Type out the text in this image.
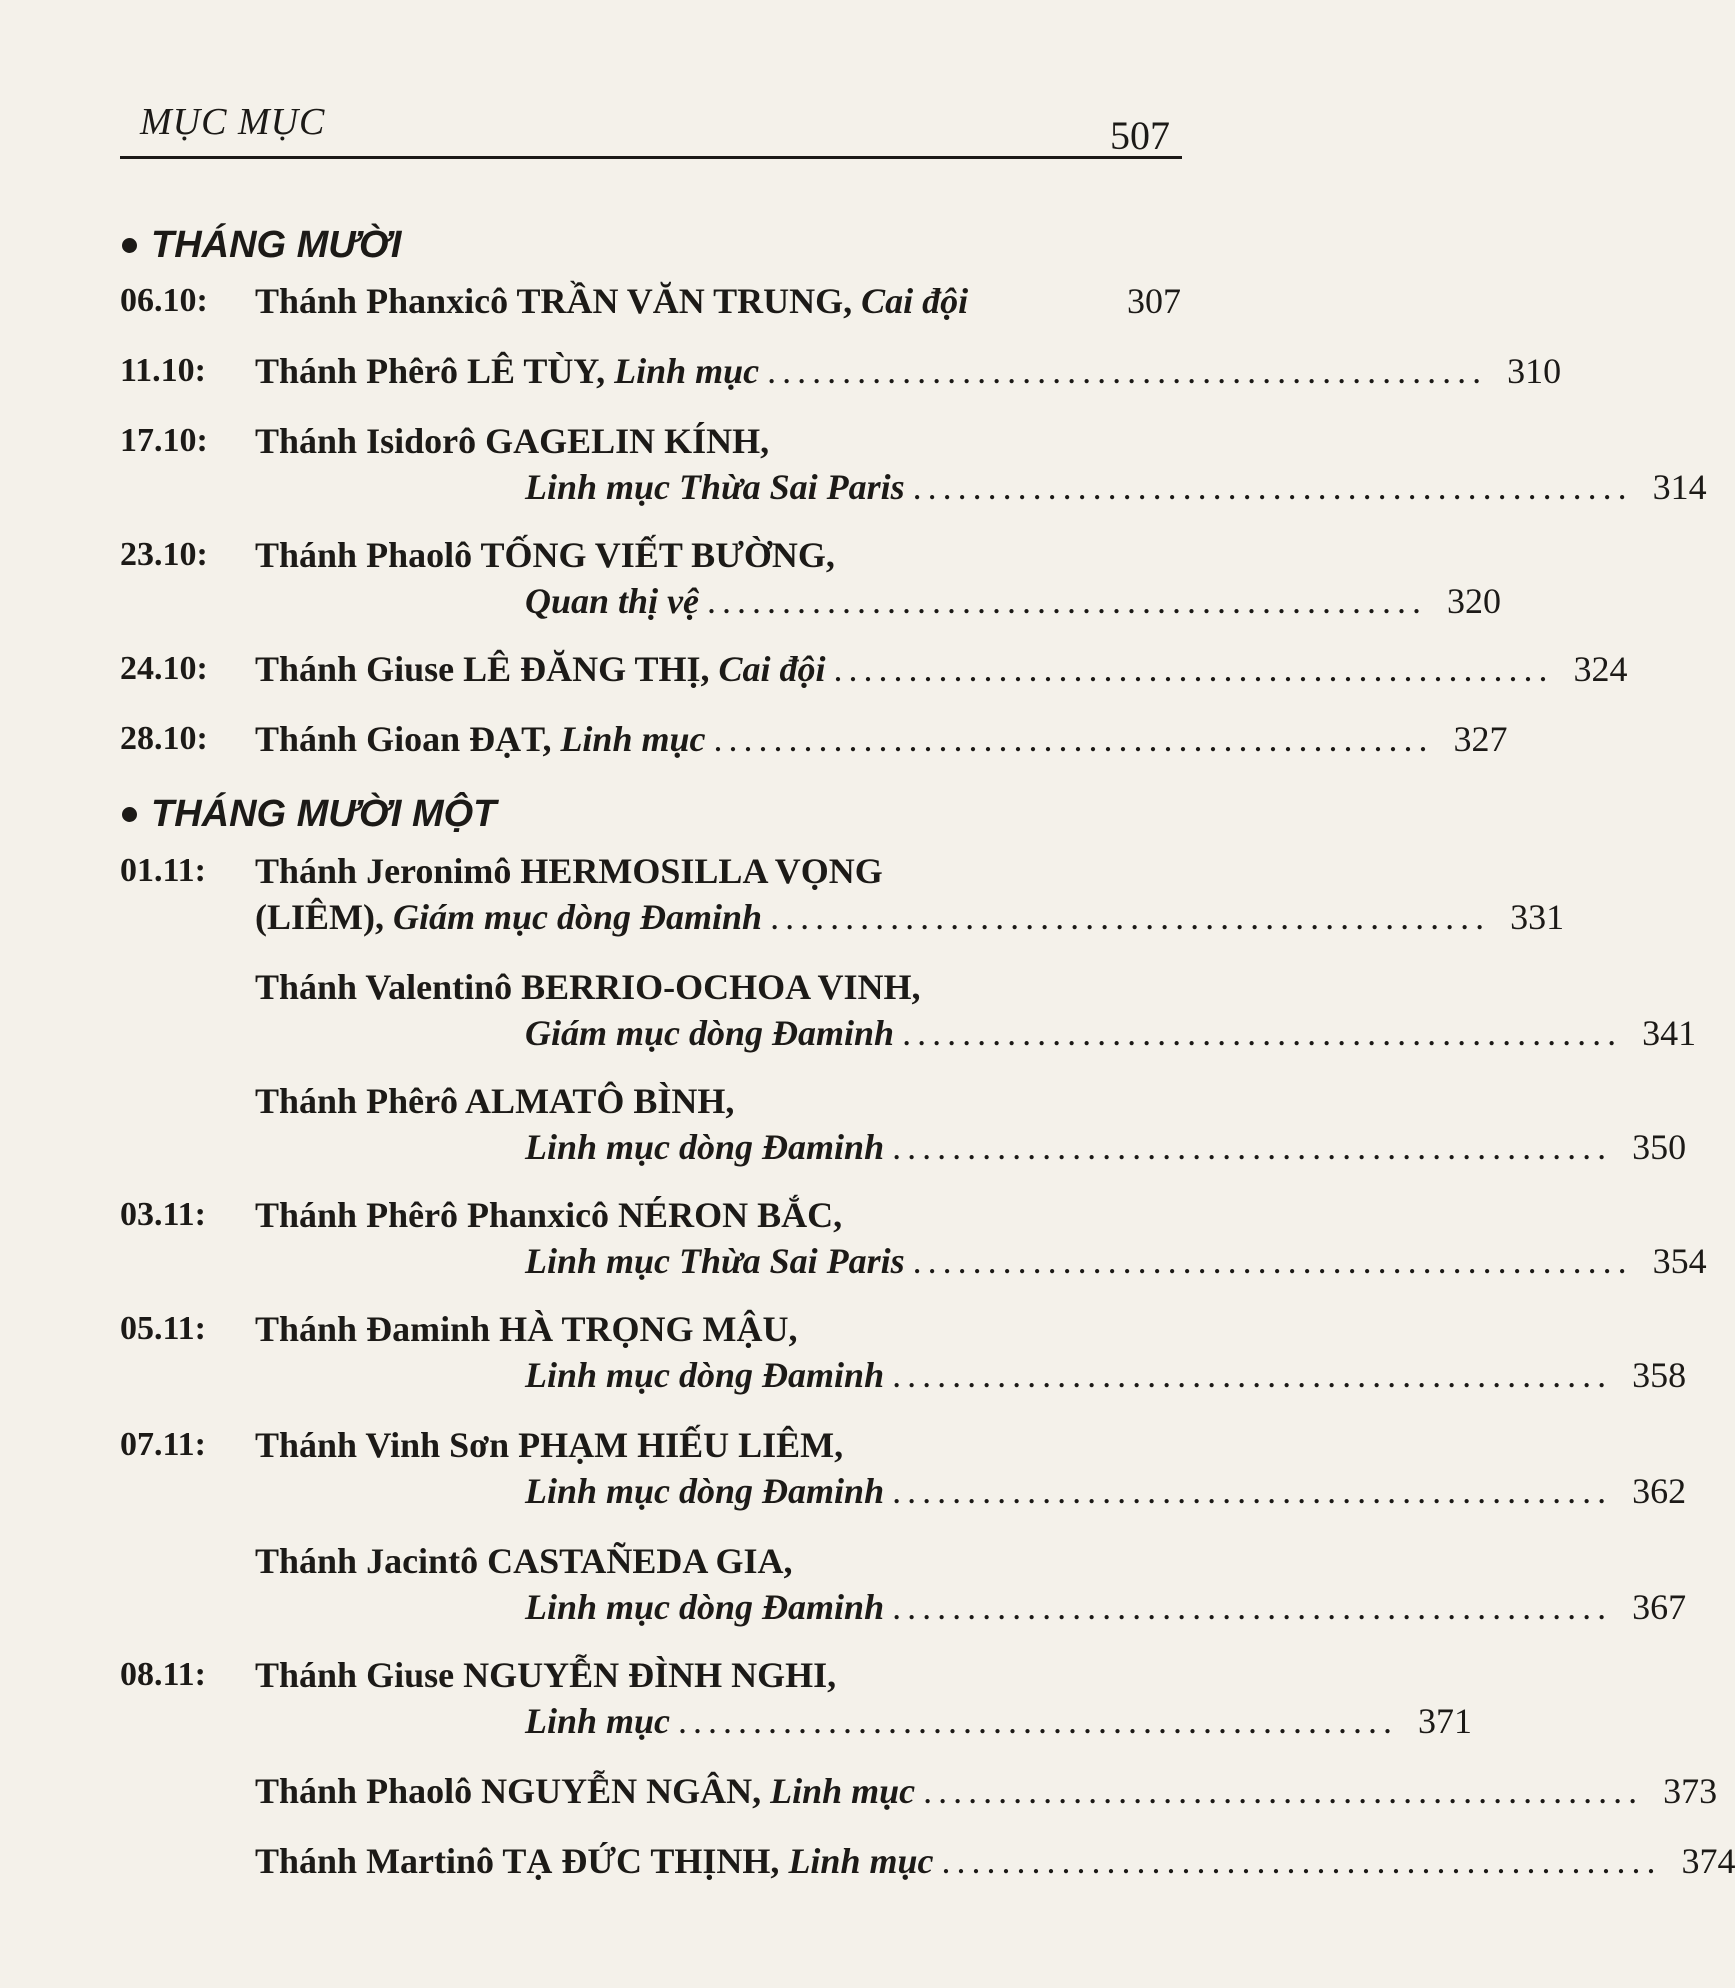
MỤC MỤC	507
THÁNG MƯỜI
06.10: Thánh Phanxicô TRẦN VĂN TRUNG,
Cai đội	307
11.10: Thánh Phêrô LÊ TÙY,
Linh mục ................................................ 310
17.10: Thánh Isidorô GAGELIN KÍNH,
Linh mục Thừa Sai Paris ................................................ 314
23.10: Thánh Phaolô TỐNG VIẾT BƯỜNG,
Quan thị vệ ................................................ 320
24.10: Thánh Giuse LÊ ĐĂNG THỊ,
Cai đội ................................................ 324
28.10: Thánh Gioan ĐẠT,
Linh mục ................................................ 327
THÁNG MƯỜI MỘT
01.11: Thánh Jeronimô HERMOSILLA VỌNG
(LIÊM),
Giám mục dòng Đaminh ................................................ 331
Thánh Valentinô BERRIO-OCHOA VINH,
Giám mục dòng Đaminh ................................................ 341
Thánh Phêrô ALMATÔ BÌNH,
Linh mục dòng Đaminh ................................................ 350
03.11: Thánh Phêrô Phanxicô NÉRON BẮC,
Linh mục Thừa Sai Paris ................................................ 354
05.11: Thánh Đaminh HÀ TRỌNG MẬU,
Linh mục dòng Đaminh ................................................ 358
07.11: Thánh Vinh Sơn PHẠM HIẾU LIÊM,
Linh mục dòng Đaminh ................................................ 362
Thánh Jacintô CASTAÑEDA GIA,
Linh mục dòng Đaminh ................................................ 367
08.11: Thánh Giuse NGUYỄN ĐÌNH NGHI,
Linh mục ................................................ 371
Thánh Phaolô NGUYỄN NGÂN,
Linh mục ................................................ 373
Thánh Martinô TẠ ĐỨC THỊNH,
Linh mục ................................................ 374
